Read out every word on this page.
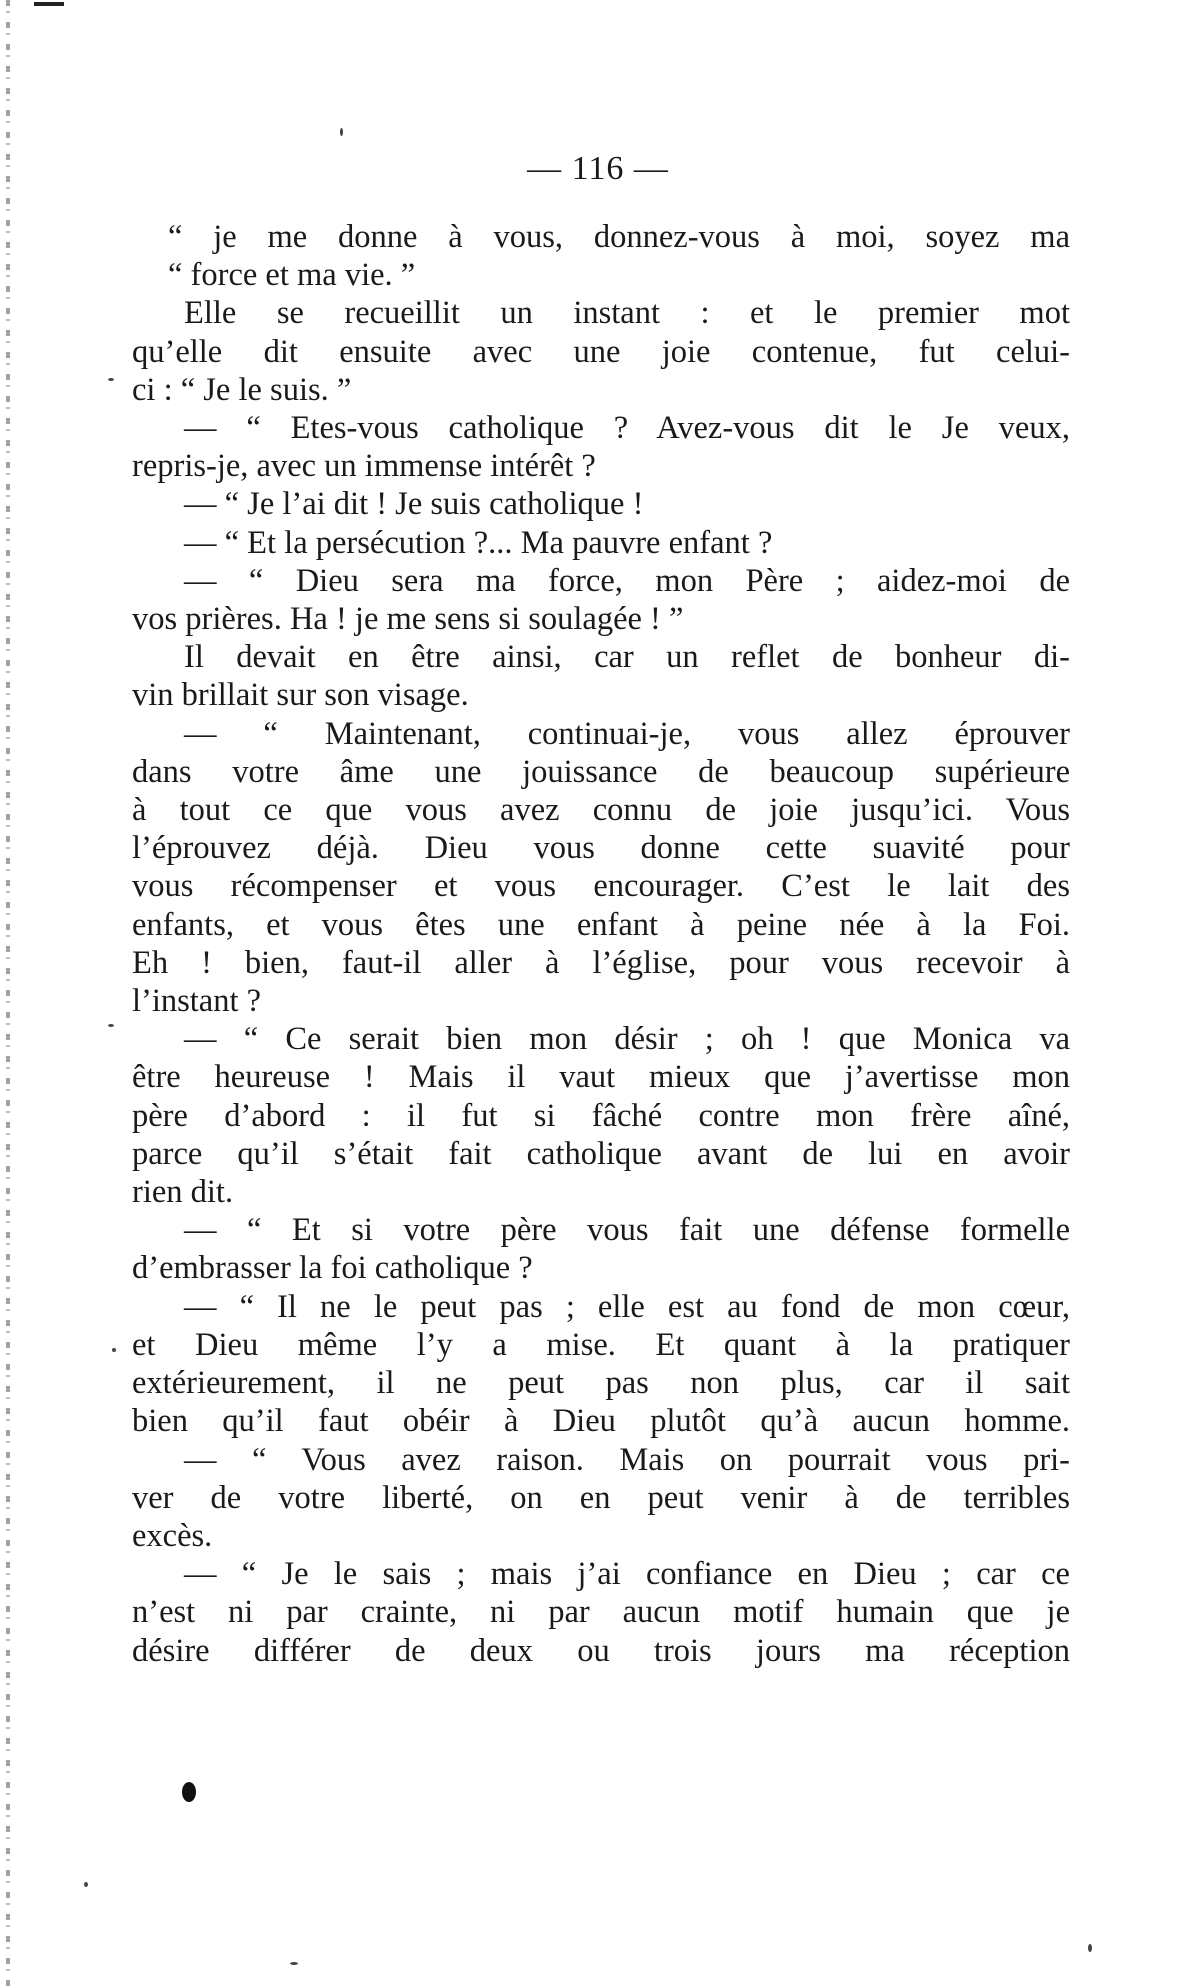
— 116 —
“ je me donne à vous, donnez-vous à moi, soyez ma
“ force et ma vie. ”
Elle se recueillit un instant : et le premier mot
qu’elle dit ensuite avec une joie contenue, fut celui-
ci : “ Je le suis. ”
— “ Etes-vous catholique ? Avez-vous dit le Je veux,
repris-je, avec un immense intérêt ?
— “ Je l’ai dit ! Je suis catholique !
— “ Et la persécution ?... Ma pauvre enfant ?
— “ Dieu sera ma force, mon Père ; aidez-moi de
vos prières. Ha ! je me sens si soulagée ! ”
Il devait en être ainsi, car un reflet de bonheur di-
vin brillait sur son visage.
— “ Maintenant, continuai-je, vous allez éprouver
dans votre âme une jouissance de beaucoup supérieure
à tout ce que vous avez connu de joie jusqu’ici. Vous
l’éprouvez déjà. Dieu vous donne cette suavité pour
vous récompenser et vous encourager. C’est le lait des
enfants, et vous êtes une enfant à peine née à la Foi.
Eh ! bien, faut-il aller à l’église, pour vous recevoir à
l’instant ?
— “ Ce serait bien mon désir ; oh ! que Monica va
être heureuse ! Mais il vaut mieux que j’avertisse mon
père d’abord : il fut si fâché contre mon frère aîné,
parce qu’il s’était fait catholique avant de lui en avoir
rien dit.
— “ Et si votre père vous fait une défense formelle
d’embrasser la foi catholique ?
— “ Il ne le peut pas ; elle est au fond de mon cœur,
et Dieu même l’y a mise. Et quant à la pratiquer
extérieurement, il ne peut pas non plus, car il sait
bien qu’il faut obéir à Dieu plutôt qu’à aucun homme.
— “ Vous avez raison. Mais on pourrait vous pri-
ver de votre liberté, on en peut venir à de terribles
excès.
— “ Je le sais ; mais j’ai confiance en Dieu ; car ce
n’est ni par crainte, ni par aucun motif humain que je
désire différer de deux ou trois jours ma réception
